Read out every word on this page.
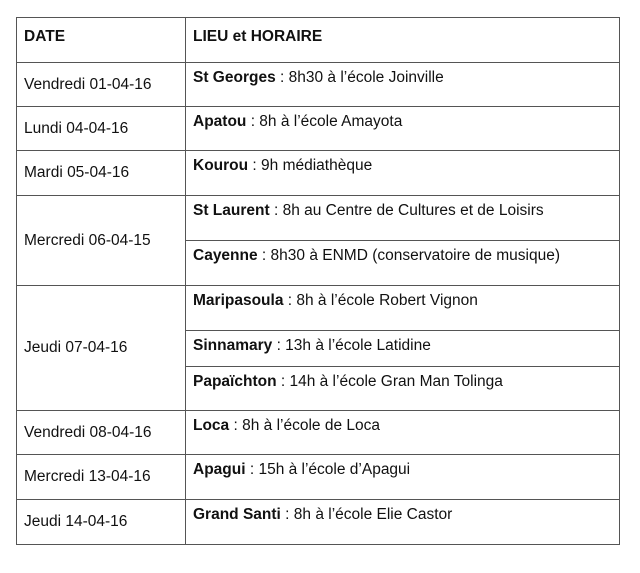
DATE	LIEU et HORAIRE
Vendredi 01-04-16	St Georges : 8h30 à l’école Joinville
Lundi 04-04-16	Apatou : 8h à l’école Amayota
Mardi 05-04-16	Kourou : 9h médiathèque
Mercredi 06-04-15	St Laurent : 8h au Centre de Cultures et de Loisirs
	Cayenne : 8h30 à ENMD (conservatoire de musique)
Jeudi 07-04-16	Maripasoula : 8h à l’école Robert Vignon
	Sinnamary : 13h à l’école Latidine
	Papaïchton : 14h à l’école Gran Man Tolinga
Vendredi 08-04-16	Loca : 8h à l’école de Loca
Mercredi 13-04-16	Apagui : 15h à l’école d’Apagui
Jeudi 14-04-16	Grand Santi : 8h à l’école Elie Castor
